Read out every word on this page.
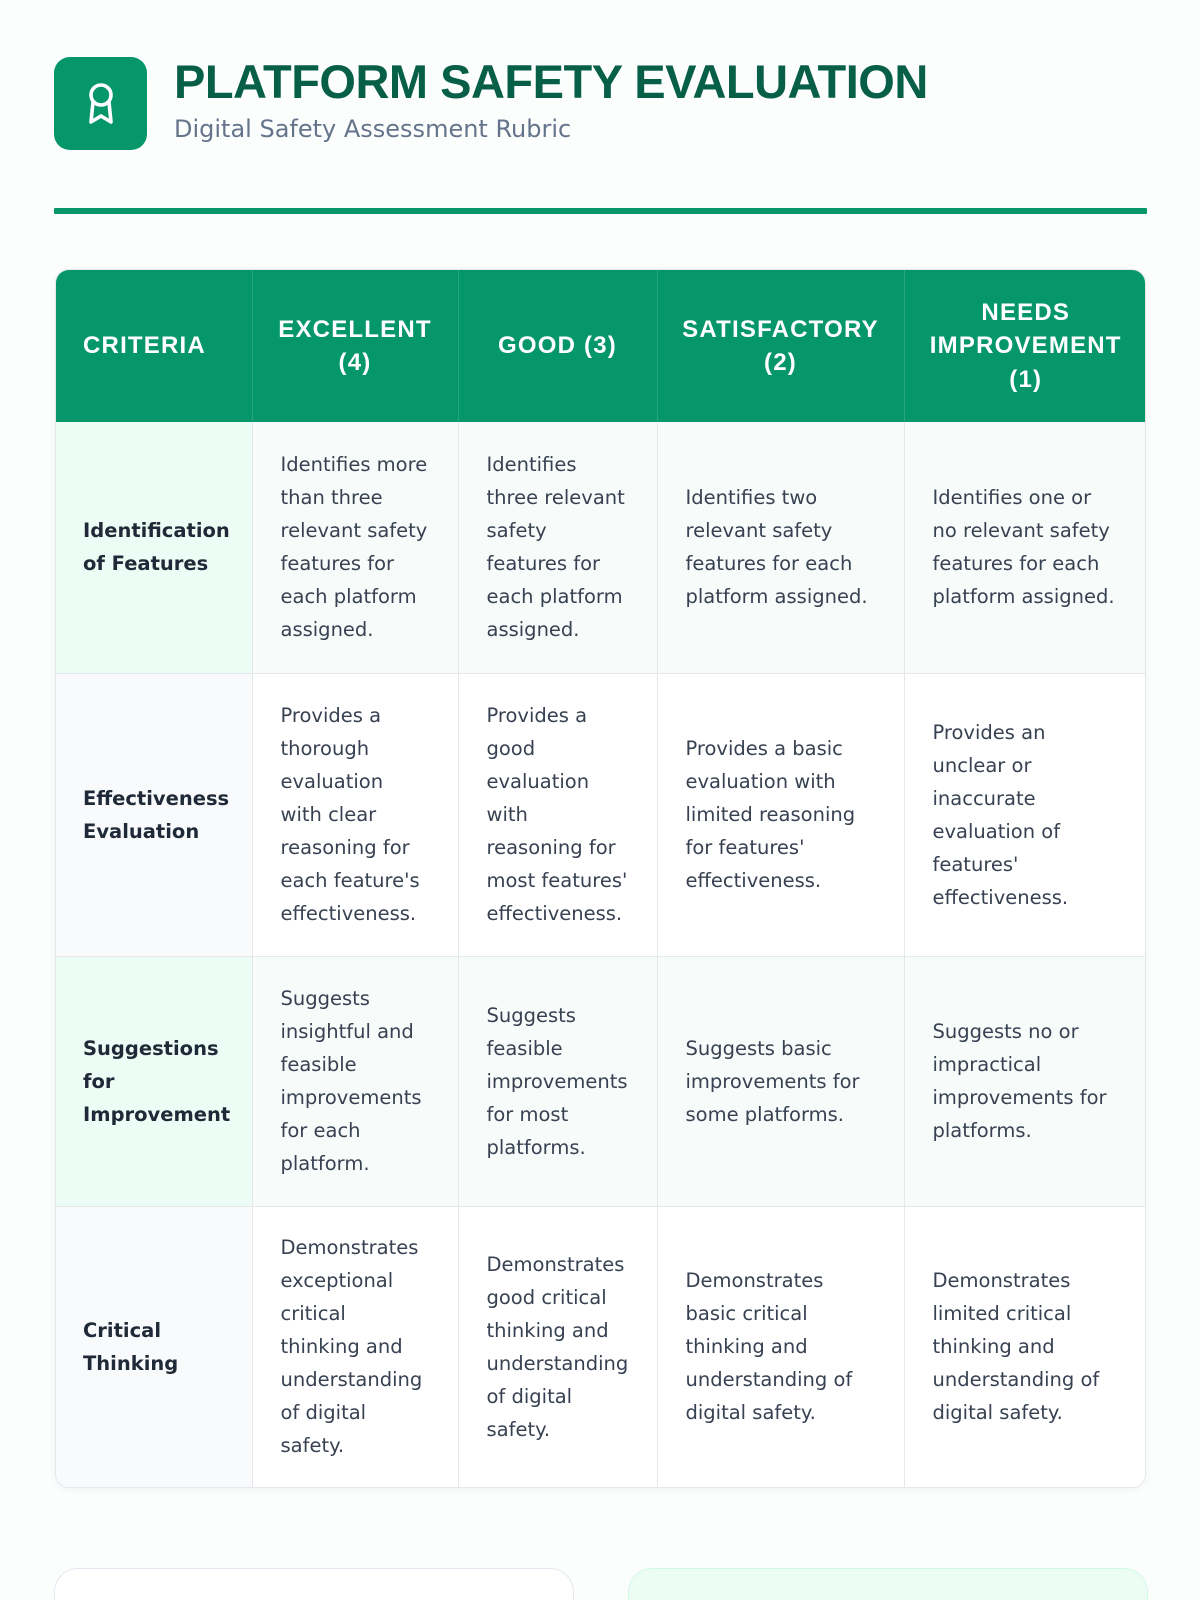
PLATFORM SAFETY EVALUATION
Digital Safety Assessment Rubric
CRITERIA	EXCELLENT (4)	GOOD (3)	SATISFACTORY (2)	NEEDS IMPROVEMENT (1)
Identification of Features	Identifies more than three relevant safety features for each platform assigned.	Identifies three relevant safety features for each platform assigned.	Identifies two relevant safety features for each platform assigned.	Identifies one or no relevant safety features for each platform assigned.
Effectiveness Evaluation	Provides a thorough evaluation with clear reasoning for each feature's effectiveness.	Provides a good evaluation with reasoning for most features' effectiveness.	Provides a basic evaluation with limited reasoning for features' effectiveness.	Provides an unclear or inaccurate evaluation of features' effectiveness.
Suggestions for Improvement	Suggests insightful and feasible improvements for each platform.	Suggests feasible improvements for most platforms.	Suggests basic improvements for some platforms.	Suggests no or impractical improvements for platforms.
Critical Thinking	Demonstrates exceptional critical thinking and understanding of digital safety.	Demonstrates good critical thinking and understanding of digital safety.	Demonstrates basic critical thinking and understanding of digital safety.	Demonstrates limited critical thinking and understanding of digital safety.
